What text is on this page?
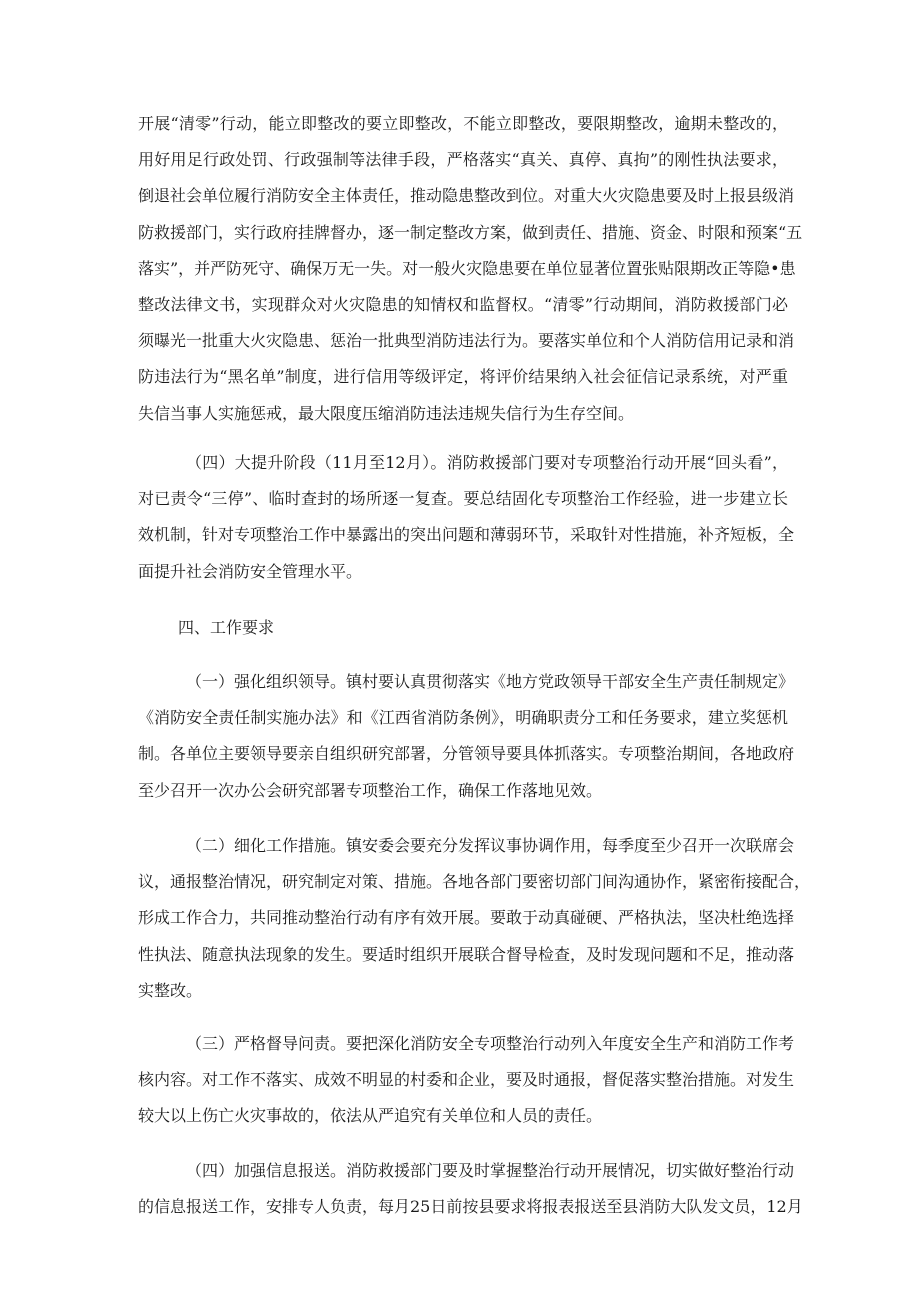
开展“清零”行动，能立即整改的要立即整改，不能立即整改，要限期整改，逾期未整改的，
用好用足行政处罚、行政强制等法律手段，严格落实“真关、真停、真拘”的刚性执法要求，
倒退社会单位履行消防安全主体责任，推动隐患整改到位。对重大火灾隐患要及时上报县级消
防救援部门，实行政府挂牌督办，逐一制定整改方案，做到责任、措施、资金、时限和预案“五
落实”，并严防死守、确保万无一失。对一般火灾隐患要在单位显著位置张贴限期改正等隐•患
整改法律文书，实现群众对火灾隐患的知情权和监督权。“清零”行动期间，消防救援部门必
须曝光一批重大火灾隐患、惩治一批典型消防违法行为。要落实单位和个人消防信用记录和消
防违法行为“黑名单”制度，进行信用等级评定，将评价结果纳入社会征信记录系统，对严重
失信当事人实施惩戒，最大限度压缩消防违法违规失信行为生存空间。
（四）大提升阶段（11月至12月）。消防救援部门要对专项整治行动开展“回头看”，
对已责令“三停”、临时查封的场所逐一复查。要总结固化专项整治工作经验，进一步建立长
效机制，针对专项整治工作中暴露出的突出问题和薄弱环节，采取针对性措施，补齐短板，全
面提升社会消防安全管理水平。
四、工作要求
（一）强化组织领导。镇村要认真贯彻落实《地方党政领导干部安全生产责任制规定》
《消防安全责任制实施办法》和《江西省消防条例》，明确职责分工和任务要求，建立奖惩机
制。各单位主要领导要亲自组织研究部署，分管领导要具体抓落实。专项整治期间，各地政府
至少召开一次办公会研究部署专项整治工作，确保工作落地见效。
（二）细化工作措施。镇安委会要充分发挥议事协调作用，每季度至少召开一次联席会
议，通报整治情况，研究制定对策、措施。各地各部门要密切部门间沟通协作，紧密衔接配合，
形成工作合力，共同推动整治行动有序有效开展。要敢于动真碰硬、严格执法，坚决杜绝选择
性执法、随意执法现象的发生。要适时组织开展联合督导检查，及时发现问题和不足，推动落
实整改。
（三）严格督导问责。要把深化消防安全专项整治行动列入年度安全生产和消防工作考
核内容。对工作不落实、成效不明显的村委和企业，要及时通报，督促落实整治措施。对发生
较大以上伤亡火灾事故的，依法从严追究有关单位和人员的责任。
（四）加强信息报送。消防救援部门要及时掌握整治行动开展情况，切实做好整治行动
的信息报送工作，安排专人负责，每月25日前按县要求将报表报送至县消防大队发文员，12月
